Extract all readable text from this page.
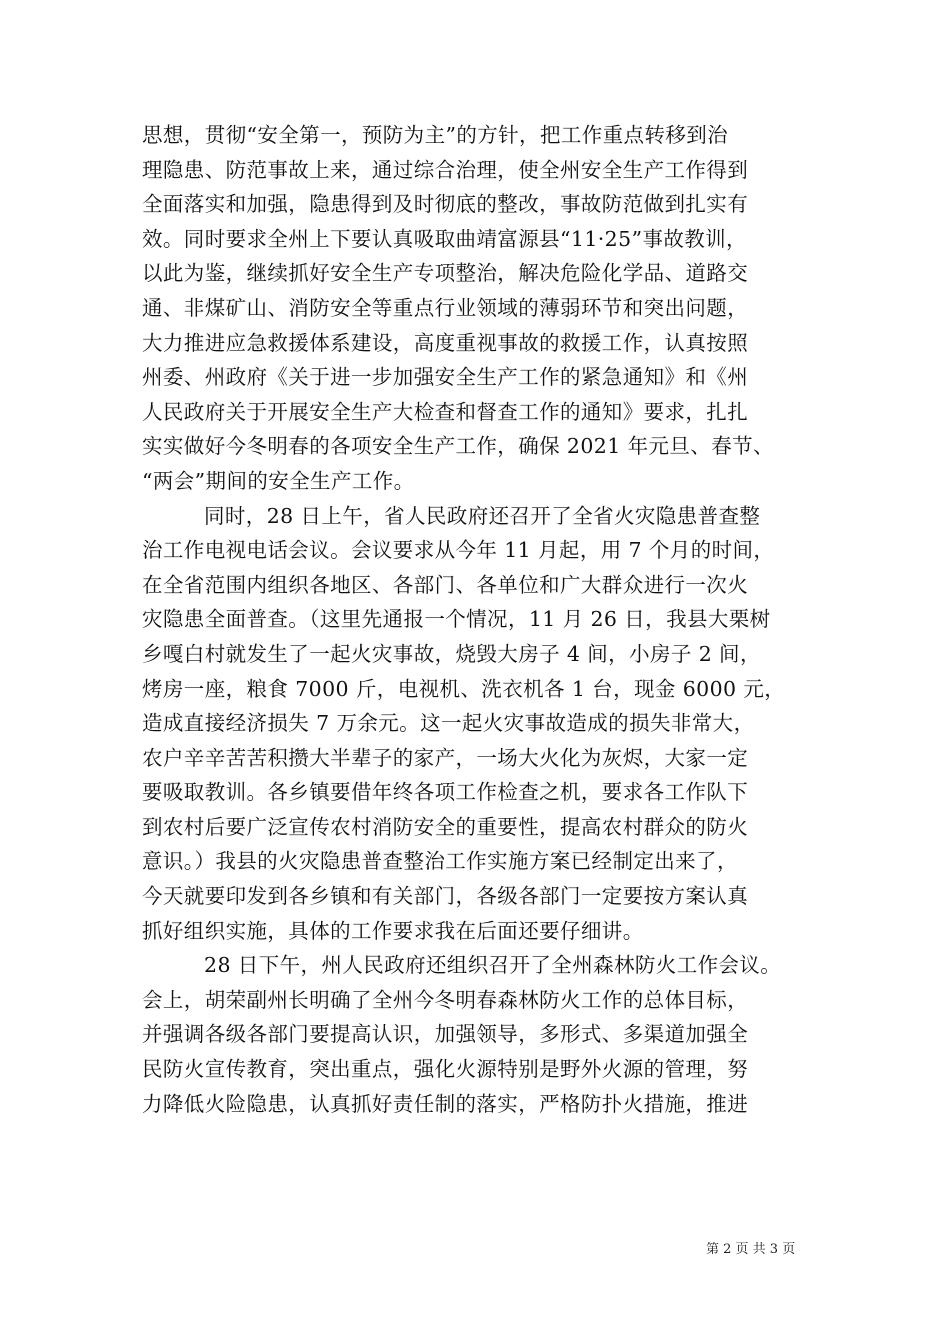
思想，贯彻“安全第一，预防为主”的方针，把工作重点转移到治
理隐患、防范事故上来，通过综合治理，使全州安全生产工作得到
全面落实和加强，隐患得到及时彻底的整改，事故防范做到扎实有
效。同时要求全州上下要认真吸取曲靖富源县“11·25”事故教训，
以此为鉴，继续抓好安全生产专项整治，解决危险化学品、道路交
通、非煤矿山、消防安全等重点行业领域的薄弱环节和突出问题，
大力推进应急救援体系建设，高度重视事故的救援工作，认真按照
州委、州政府《关于进一步加强安全生产工作的紧急通知》和《州
人民政府关于开展安全生产大检查和督查工作的通知》要求，扎扎
实实做好今冬明春的各项安全生产工作，确保 2021 年元旦、春节、
“两会”期间的安全生产工作。
同时，28 日上午，省人民政府还召开了全省火灾隐患普查整
治工作电视电话会议。会议要求从今年 11 月起，用 7 个月的时间，
在全省范围内组织各地区、各部门、各单位和广大群众进行一次火
灾隐患全面普查。（这里先通报一个情况，11 月 26 日，我县大栗树
乡嘎白村就发生了一起火灾事故，烧毁大房子 4 间，小房子 2 间，
烤房一座，粮食 7000 斤，电视机、洗衣机各 1 台，现金 6000 元，
造成直接经济损失 7 万余元。这一起火灾事故造成的损失非常大，
农户辛辛苦苦积攒大半辈子的家产，一场大火化为灰烬，大家一定
要吸取教训。各乡镇要借年终各项工作检查之机，要求各工作队下
到农村后要广泛宣传农村消防安全的重要性，提高农村群众的防火
意识。）我县的火灾隐患普查整治工作实施方案已经制定出来了，
今天就要印发到各乡镇和有关部门，各级各部门一定要按方案认真
抓好组织实施，具体的工作要求我在后面还要仔细讲。
28 日下午，州人民政府还组织召开了全州森林防火工作会议。
会上，胡荣副州长明确了全州今冬明春森林防火工作的总体目标，
并强调各级各部门要提高认识，加强领导，多形式、多渠道加强全
民防火宣传教育，突出重点，强化火源特别是野外火源的管理，努
力降低火险隐患，认真抓好责任制的落实，严格防扑火措施，推进
第 2 页 共 3 页
